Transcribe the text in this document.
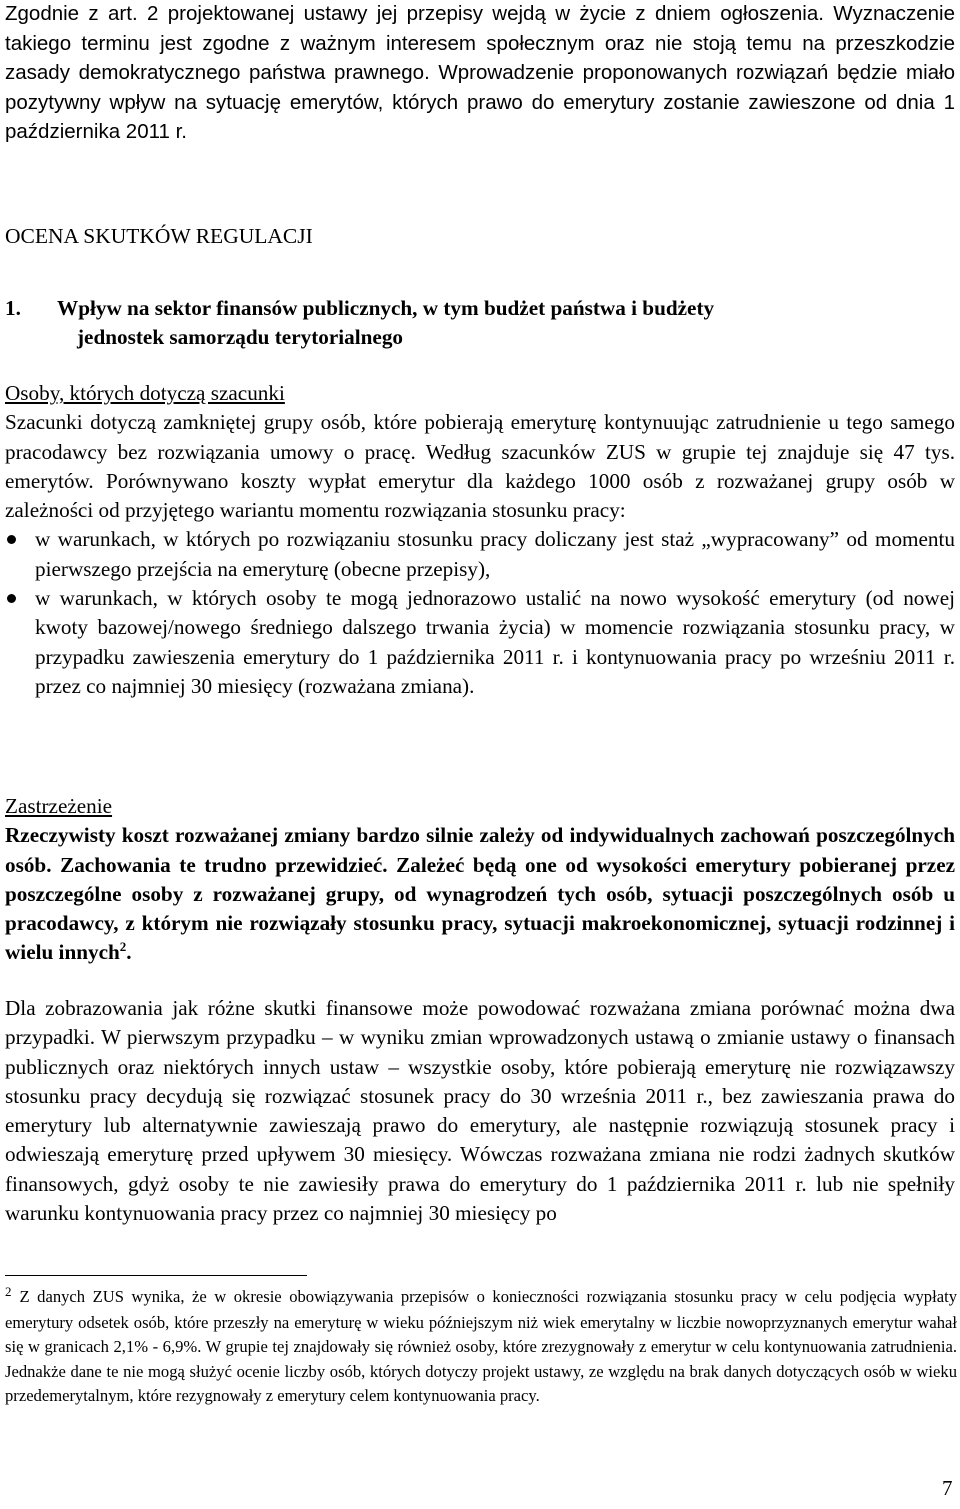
Zgodnie z art. 2 projektowanej ustawy jej przepisy wejdą w życie z dniem ogłoszenia. Wyznaczenie takiego terminu jest zgodne z ważnym interesem społecznym oraz nie stoją temu na przeszkodzie zasady demokratycznego państwa prawnego. Wprowadzenie proponowanych rozwiązań będzie miało pozytywny wpływ na sytuację emerytów, których prawo do emerytury zostanie zawieszone od dnia 1 października 2011 r.

OCENA SKUTKÓW REGULACJI
1. Wpływ na sektor finansów publicznych, w tym budżet państwa i budżety
jednostek samorządu terytorialnego
Osoby, których dotyczą szacunki

Szacunki dotyczą zamkniętej grupy osób, które pobierają emeryturę kontynuując zatrudnienie u tego samego pracodawcy bez rozwiązania umowy o pracę. Według szacunków ZUS w grupie tej znajduje się 47 tys. emerytów. Porównywano koszty wypłat emerytur dla każdego 1000 osób z rozważanej grupy osób w zależności od przyjętego wariantu momentu rozwiązania stosunku pracy:

w warunkach, w których po rozwiązaniu stosunku pracy doliczany jest staż „wypracowany” od momentu pierwszego przejścia na emeryturę (obecne przepisy),
w warunkach, w których osoby te mogą jednorazowo ustalić na nowo wysokość emerytury (od nowej kwoty bazowej/nowego średniego dalszego trwania życia) w momencie rozwiązania stosunku pracy, w przypadku zawieszenia emerytury do 1 października 2011 r. i kontynuowania pracy po wrześniu 2011 r. przez co najmniej 30 miesięcy (rozważana zmiana).
Zastrzeżenie

Rzeczywisty koszt rozważanej zmiany bardzo silnie zależy od indywidualnych zachowań poszczególnych osób. Zachowania te trudno przewidzieć. Zależeć będą one od wysokości emerytury pobieranej przez poszczególne osoby z rozważanej grupy, od wynagrodzeń tych osób, sytuacji poszczególnych osób u pracodawcy, z którym nie rozwiązały stosunku pracy, sytuacji makroekonomicznej, sytuacji rodzinnej i wielu innych$^2$.

Dla zobrazowania jak różne skutki finansowe może powodować rozważana zmiana porównać można dwa przypadki. W pierwszym przypadku – w wyniku zmian wprowadzonych ustawą o zmianie ustawy o finansach publicznych oraz niektórych innych ustaw – wszystkie osoby, które pobierają emeryturę nie rozwiązawszy stosunku pracy decydują się rozwiązać stosunek pracy do 30 września 2011 r., bez zawieszania prawa do emerytury lub alternatywnie zawieszają prawo do emerytury, ale następnie rozwiązują stosunek pracy i odwieszają emeryturę przed upływem 30 miesięcy. Wówczas rozważana zmiana nie rodzi żadnych skutków finansowych, gdyż osoby te nie zawiesiły prawa do emerytury do 1 października 2011 r. lub nie spełniły warunku kontynuowania pracy przez co najmniej 30 miesięcy po

$^2$ Z danych ZUS wynika, że w okresie obowiązywania przepisów o konieczności rozwiązania stosunku pracy w celu podjęcia wypłaty emerytury odsetek osób, które przeszły na emeryturę w wieku późniejszym niż wiek emerytalny w liczbie nowoprzyznanych emerytur wahał się w granicach 2,1% - 6,9%. W grupie tej znajdowały się również osoby, które zrezygnowały z emerytur w celu kontynuowania zatrudnienia. Jednakże dane te nie mogą służyć ocenie liczby osób, których dotyczy projekt ustawy, ze względu na brak danych dotyczących osób w wieku przedemerytalnym, które rezygnowały z emerytury celem kontynuowania pracy.

7
